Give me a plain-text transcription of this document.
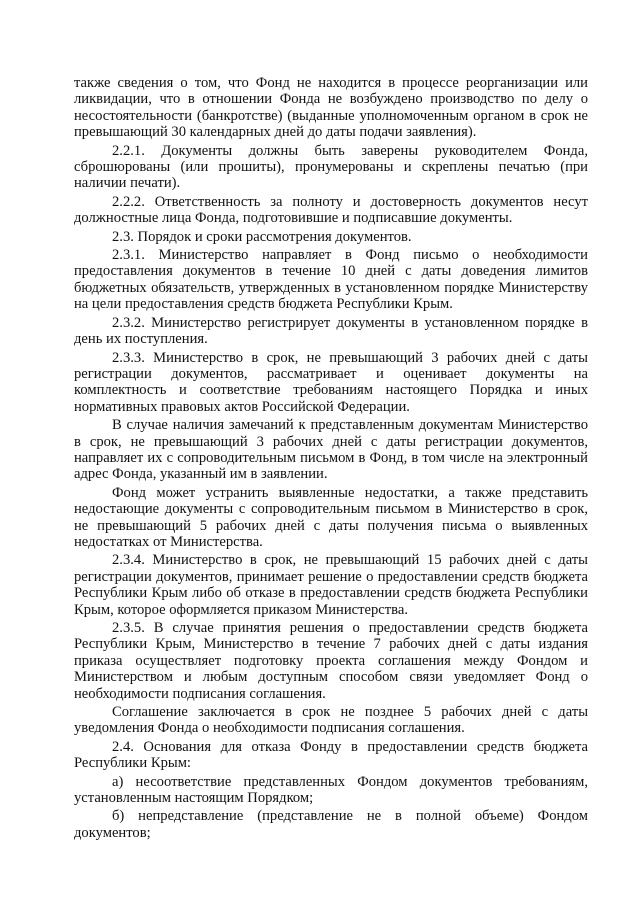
также сведения о том, что Фонд не находится в процессе реорганизации или ликвидации, что в отношении Фонда не возбуждено производство по делу о несостоятельности (банкротстве) (выданные уполномоченным органом в срок не превышающий 30 календарных дней до даты подачи заявления).

2.2.1. Документы должны быть заверены руководителем Фонда, сброшюрованы (или прошиты), пронумерованы и скреплены печатью (при наличии печати).

2.2.2. Ответственность за полноту и достоверность документов несут должностные лица Фонда, подготовившие и подписавшие документы.

2.3. Порядок и сроки рассмотрения документов.

2.3.1. Министерство направляет в Фонд письмо о необходимости предоставления документов в течение 10 дней с даты доведения лимитов бюджетных обязательств, утвержденных в установленном порядке Министерству на цели предоставления средств бюджета Республики Крым.

2.3.2. Министерство регистрирует документы в установленном порядке в день их поступления.

2.3.3. Министерство в срок, не превышающий 3 рабочих дней с даты регистрации документов, рассматривает и оценивает документы на комплектность и соответствие требованиям настоящего Порядка и иных нормативных правовых актов Российской Федерации.

В случае наличия замечаний к представленным документам Министерство в срок, не превышающий 3 рабочих дней с даты регистрации документов, направляет их с сопроводительным письмом в Фонд, в том числе на электронный адрес Фонда, указанный им в заявлении.

Фонд может устранить выявленные недостатки, а также представить недостающие документы с сопроводительным письмом в Министерство в срок, не превышающий 5 рабочих дней с даты получения письма о выявленных недостатках от Министерства.

2.3.4. Министерство в срок, не превышающий 15 рабочих дней с даты регистрации документов, принимает решение о предоставлении средств бюджета Республики Крым либо об отказе в предоставлении средств бюджета Республики Крым, которое оформляется приказом Министерства.

2.3.5. В случае принятия решения о предоставлении средств бюджета Республики Крым, Министерство в течение 7 рабочих дней с даты издания приказа осуществляет подготовку проекта соглашения между Фондом и Министерством и любым доступным способом связи уведомляет Фонд о необходимости подписания соглашения.

Соглашение заключается в срок не позднее 5 рабочих дней с даты уведомления Фонда о необходимости подписания соглашения.

2.4. Основания для отказа Фонду в предоставлении средств бюджета Республики Крым:

а) несоответствие представленных Фондом документов требованиям, установленным настоящим Порядком;

б) непредставление (представление не в полной объеме) Фондом документов;
